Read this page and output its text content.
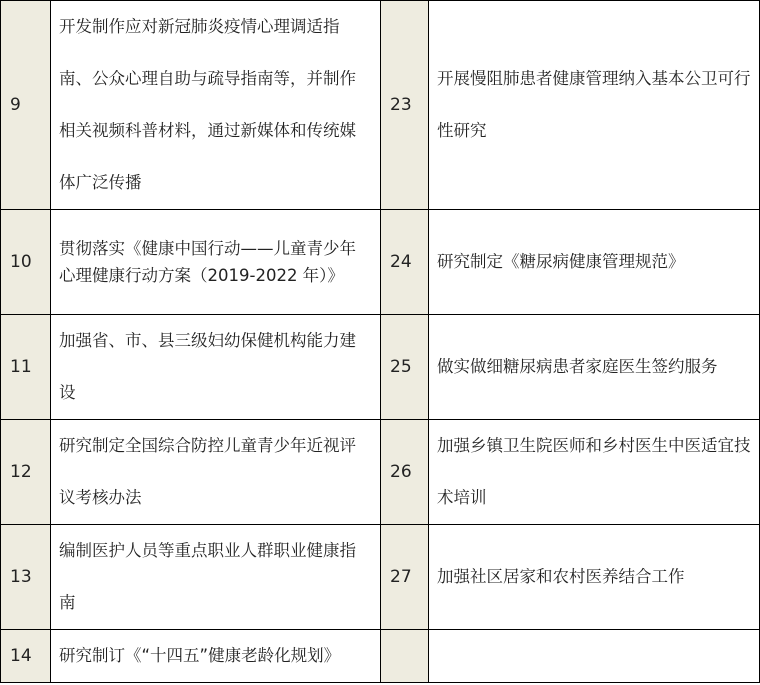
9	开发制作应对新冠肺炎疫情心理调适指南、公众心理自助与疏导指南等，并制作相关视频科普材料，通过新媒体和传统媒体广泛传播	23	开展慢阻肺患者健康管理纳入基本公卫可行性研究
10	贯彻落实《健康中国行动——儿童青少年心理健康行动方案（2019-2022 年）》	24	研究制定《糖尿病健康管理规范》
11	加强省、市、县三级妇幼保健机构能力建设	25	做实做细糖尿病患者家庭医生签约服务
12	研究制定全国综合防控儿童青少年近视评议考核办法	26	加强乡镇卫生院医师和乡村医生中医适宜技术培训
13	编制医护人员等重点职业人群职业健康指南	27	加强社区居家和农村医养结合工作
14	研究制订《“十四五”健康老龄化规划》		
